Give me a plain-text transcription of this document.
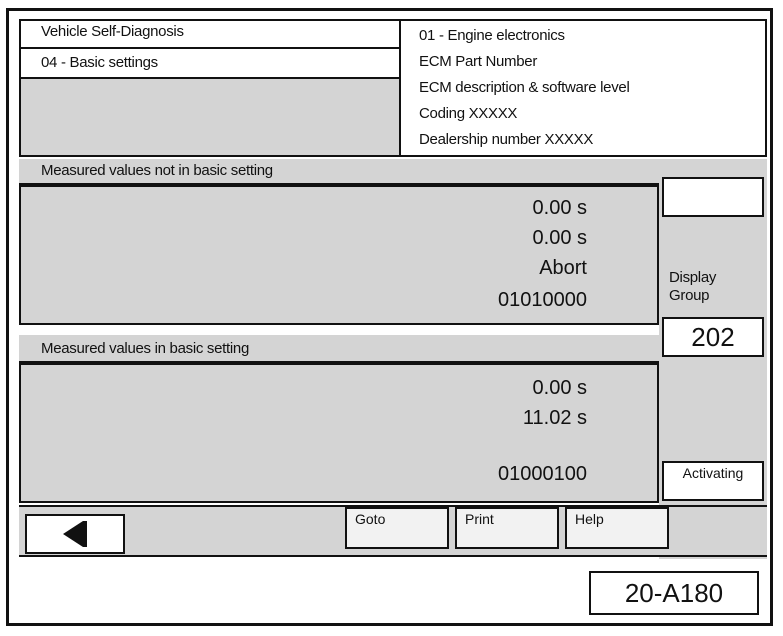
Vehicle Self-Diagnosis
04 - Basic settings
01 - Engine electronics
ECM Part Number
ECM description & software level
Coding XXXXX
Dealership number XXXXX
Measured values not in basic setting
0.00 s
0.00 s
Abort
01010000
Display Group
202
Activating
Measured values in basic setting
0.00 s
11.02 s
01000100
Goto	Print	Help
20-A180
